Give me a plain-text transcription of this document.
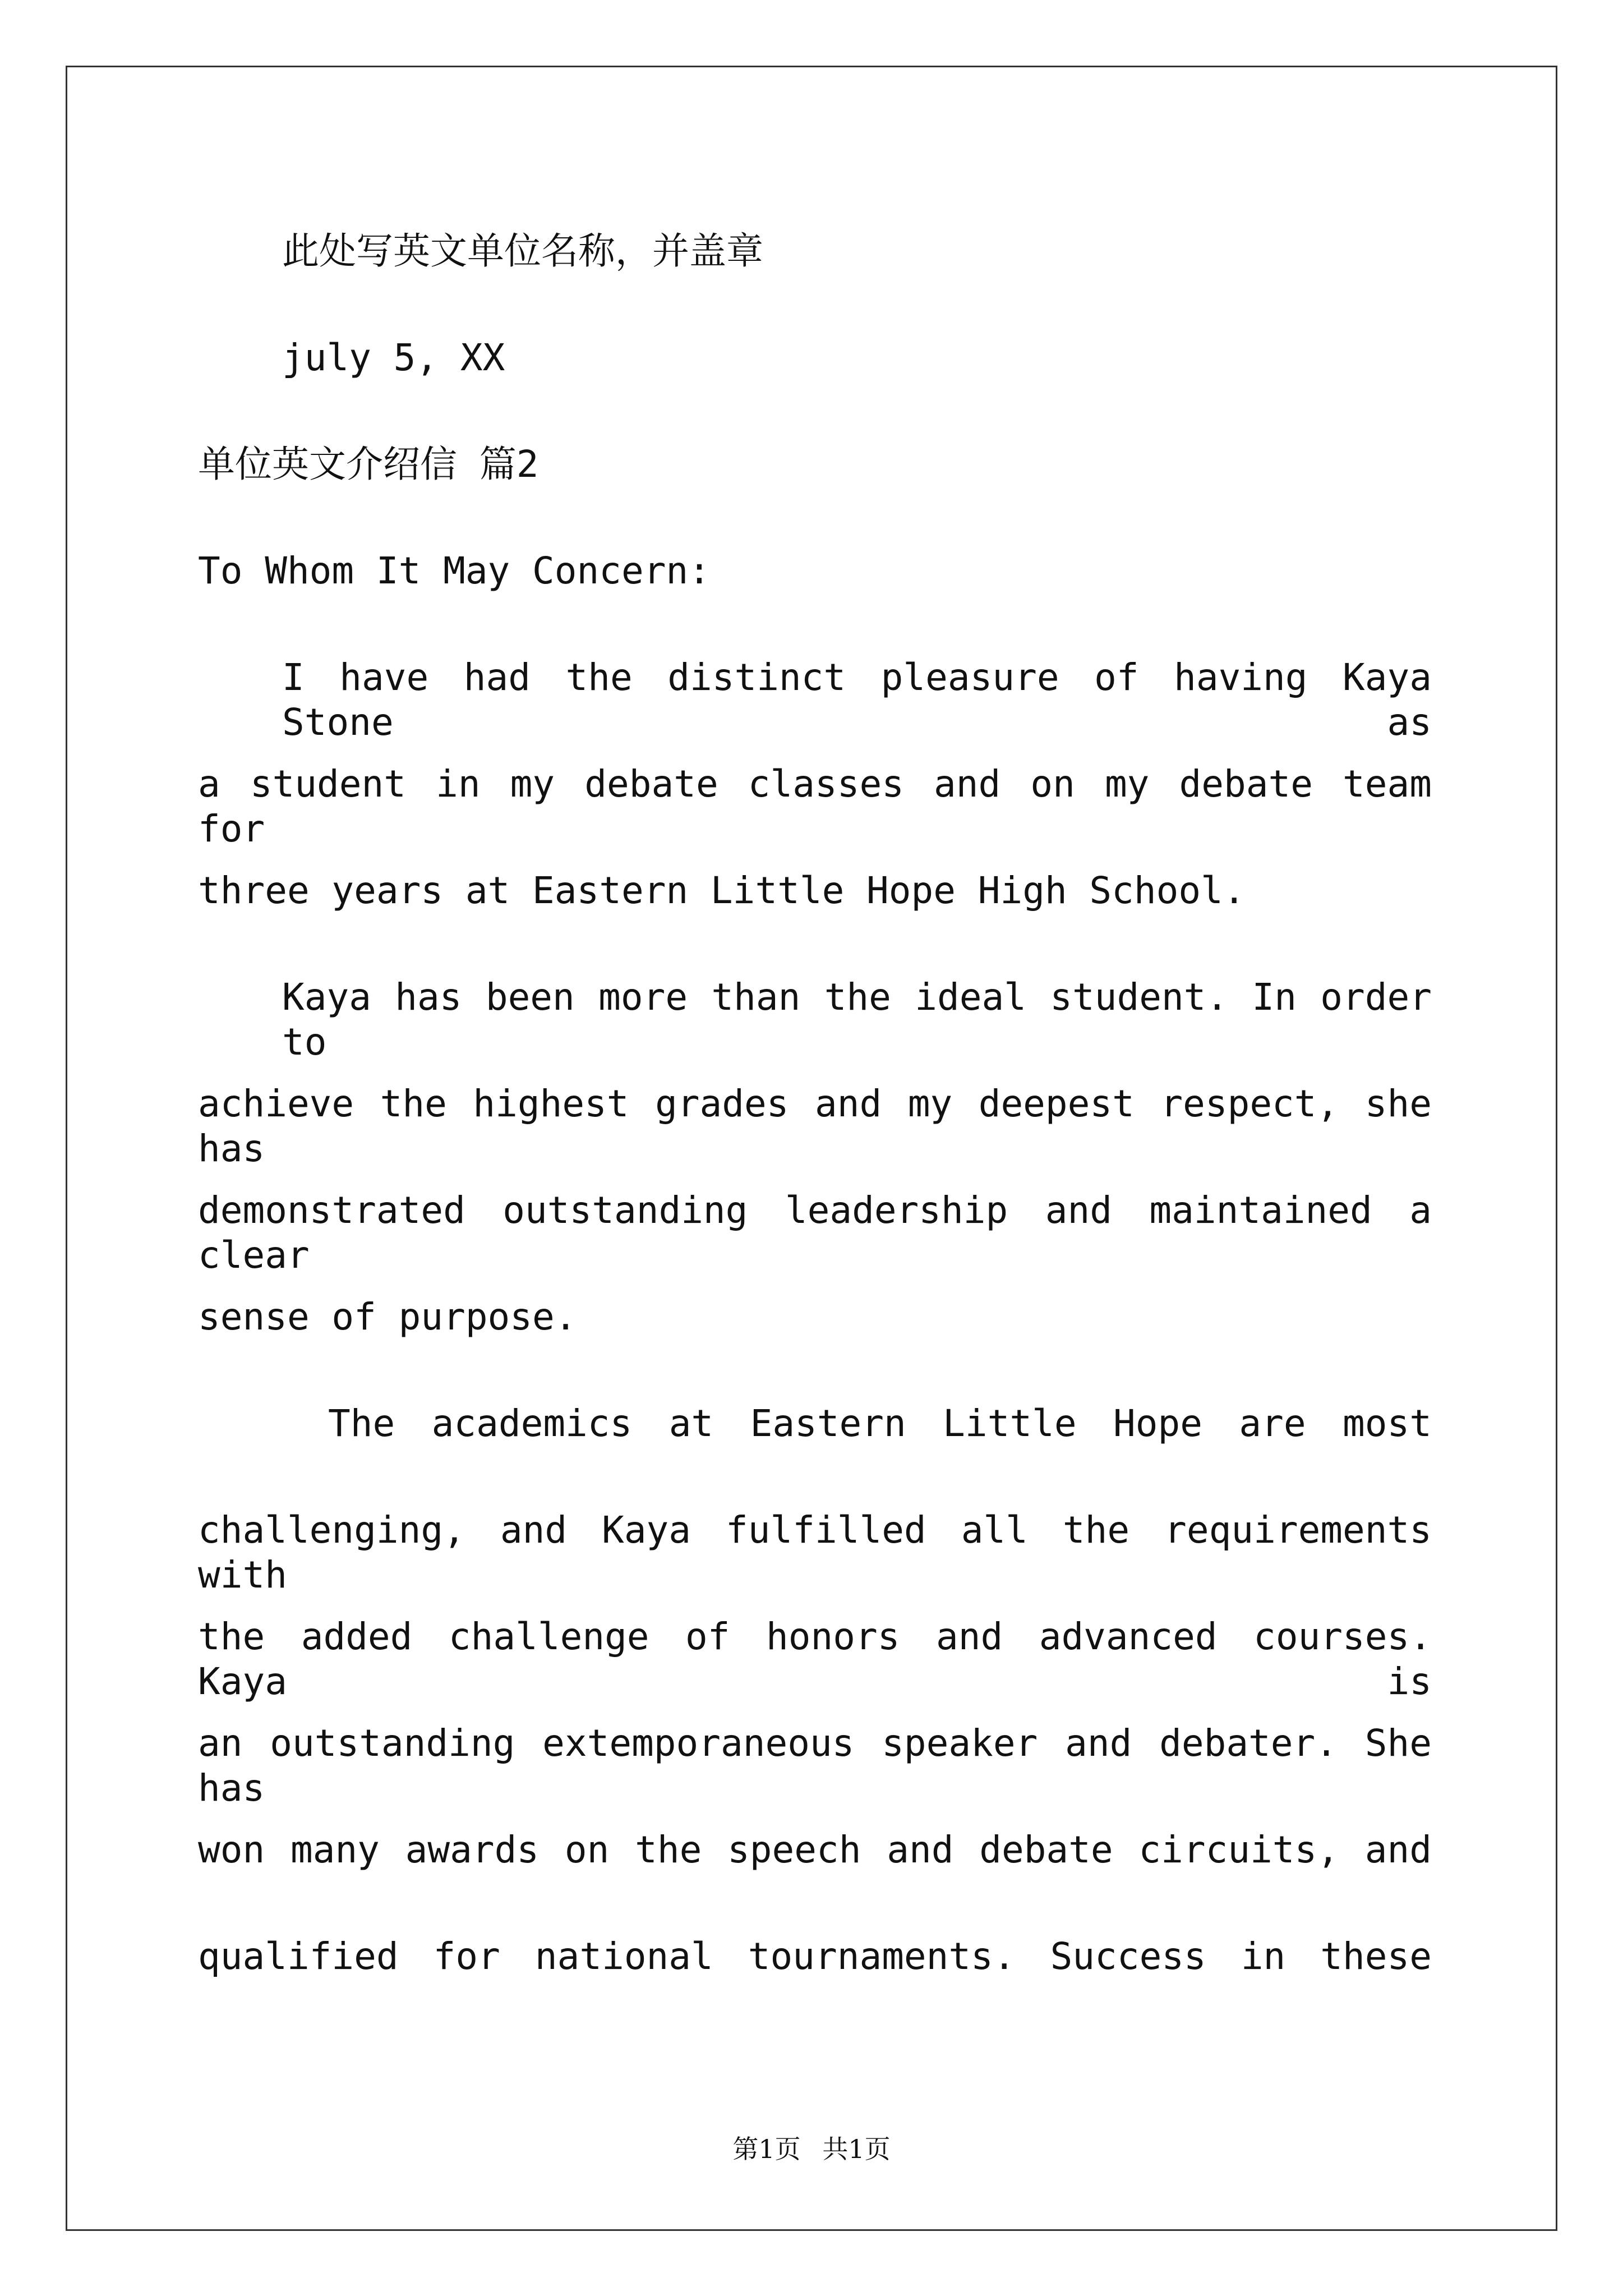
此处写英文单位名称，并盖章
july 5, XX
单位英文介绍信 篇2
To Whom It May Concern:
I have had the distinct pleasure of having Kaya Stone as
a student in my debate classes and on my debate team for
three years at Eastern Little Hope High School.
Kaya has been more than the ideal student. In order to
achieve the highest grades and my deepest respect, she has
demonstrated outstanding leadership and maintained a clear
sense of purpose.
The academics at Eastern Little Hope are most
challenging, and Kaya fulfilled all the requirements with
the added challenge of honors and advanced courses. Kaya is
an outstanding extemporaneous speaker and debater. She has
won many awards on the speech and debate circuits, and
qualified for national tournaments. Success in these
第1页 共1页
